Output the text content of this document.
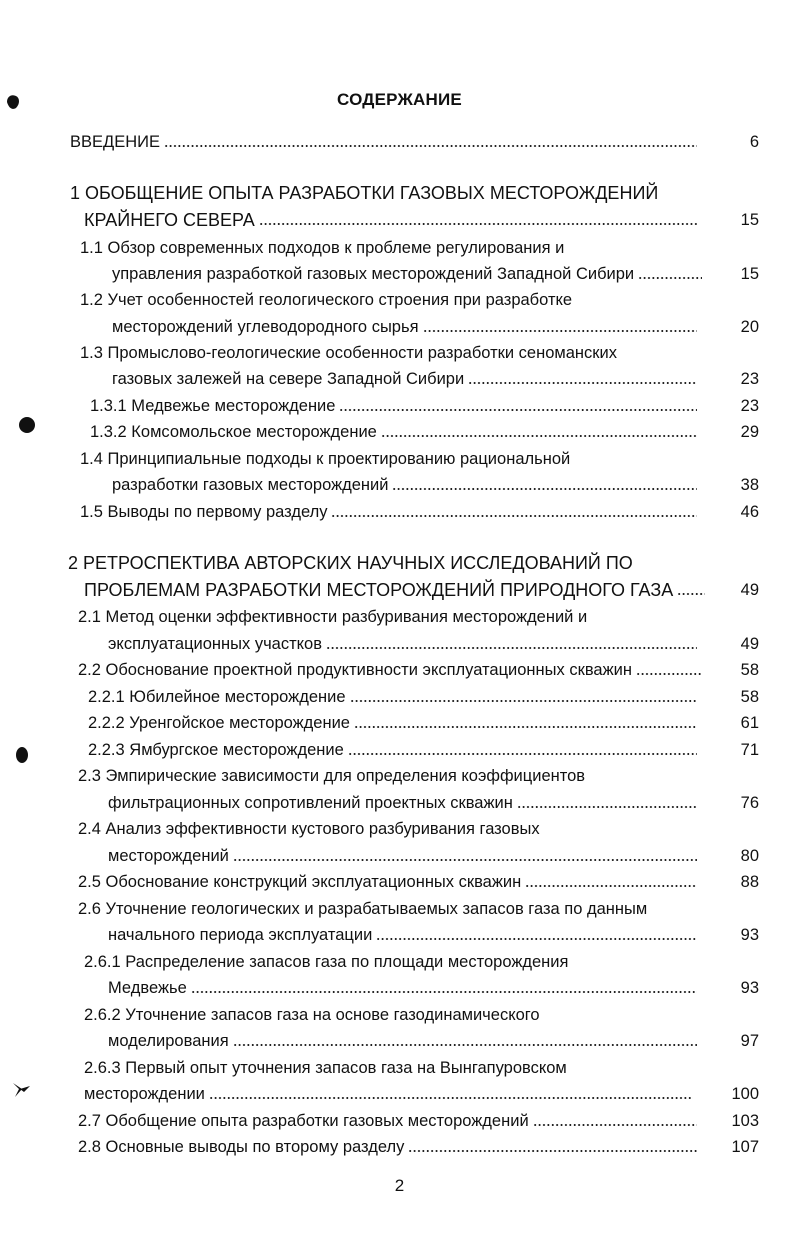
СОДЕРЖАНИЕ
ВВЕДЕНИЕ	6
1 ОБОБЩЕНИЕ ОПЫТА РАЗРАБОТКИ ГАЗОВЫХ МЕСТОРОЖДЕНИЙ
КРАЙНЕГО СЕВЕРА	15
1.1 Обзор современных подходов к проблеме регулирования и
управления разработкой газовых месторождений Западной Сибири	15
1.2 Учет особенностей геологического строения при разработке
месторождений углеводородного сырья	20
1.3 Промыслово-геологические особенности разработки сеноманских
газовых залежей на севере Западной Сибири	23
1.3.1 Медвежье месторождение	23
1.3.2 Комсомольское месторождение	29
1.4 Принципиальные подходы к проектированию рациональной
разработки газовых месторождений	38
1.5 Выводы по первому разделу	46
2 РЕТРОСПЕКТИВА АВТОРСКИХ НАУЧНЫХ ИССЛЕДОВАНИЙ ПО
ПРОБЛЕМАМ РАЗРАБОТКИ МЕСТОРОЖДЕНИЙ ПРИРОДНОГО ГАЗА	49
2.1 Метод оценки эффективности разбуривания месторождений и
эксплуатационных участков	49
2.2 Обоснование проектной продуктивности эксплуатационных скважин	58
2.2.1 Юбилейное месторождение	58
2.2.2 Уренгойское месторождение	61
2.2.3 Ямбургское месторождение	71
2.3 Эмпирические зависимости для определения коэффициентов
фильтрационных сопротивлений проектных скважин	76
2.4 Анализ эффективности кустового разбуривания газовых
месторождений	80
2.5 Обоснование конструкций эксплуатационных скважин	88
2.6 Уточнение геологических и разрабатываемых запасов газа по данным
начального периода эксплуатации	93
2.6.1 Распределение запасов газа по площади месторождения
Медвежье	93
2.6.2 Уточнение запасов газа на основе газодинамического
моделирования	97
2.6.3 Первый опыт уточнения запасов газа на Вынгапуровском
месторождении	100
2.7 Обобщение опыта разработки газовых месторождений	103
2.8 Основные выводы по второму разделу	107
2
